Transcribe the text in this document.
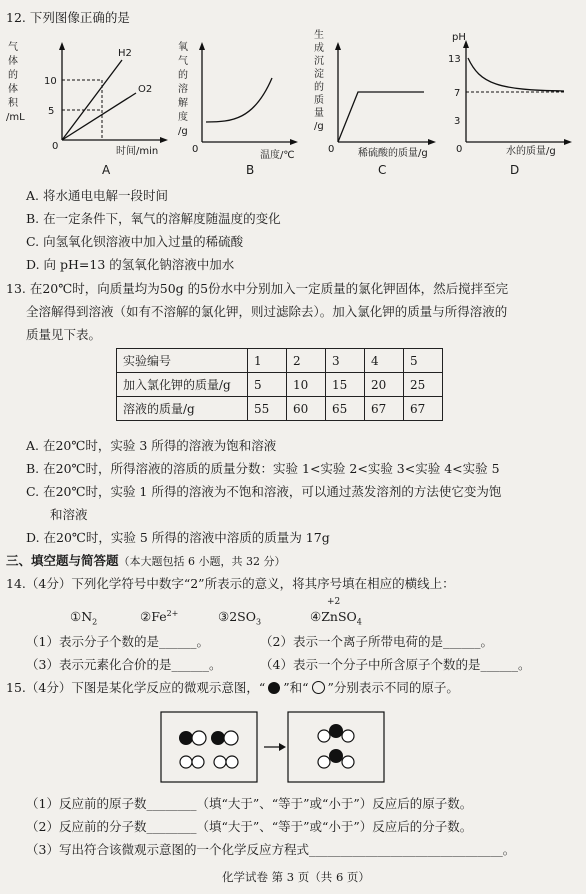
12. 下列图像正确的是
气
体
的
体
积
/mL
10
5
0
H2
O2
时间/min
A
氧
气
的
溶
解
度
/g
0
温度/℃
B
生
成
沉
淀
的
质
量
/g
0 稀硫酸的质量/g
C
pH
13
7
3
0	水的质量/g
D
A. 将水通电电解一段时间
B. 在一定条件下，氧气的溶解度随温度的变化
C. 向氢氧化钡溶液中加入过量的稀硫酸
D. 向 pH=13 的氢氧化钠溶液中加水
13. 在20℃时，向质量均为50g 的5份水中分别加入一定质量的氯化钾固体，然后搅拌至完
全溶解得到溶液（如有不溶解的氯化钾，则过滤除去）。加入氯化钾的质量与所得溶液的
质量见下表。
实验编号	1	2	3	4	5
加入氯化钾的质量/g	5	10	15	20	25
溶液的质量/g	55	60	65	67	67
A. 在20℃时，实验 3 所得的溶液为饱和溶液
B. 在20℃时，所得溶液的溶质的质量分数：实验 1<实验 2<实验 3<实验 4<实验 5
C. 在20℃时，实验 1 所得的溶液为不饱和溶液，可以通过蒸发溶剂的方法使它变为饱
和溶液
D. 在20℃时，实验 5 所得的溶液中溶质的质量为 17g
三、填空题与简答题（本大题包括 6 小题，共 32 分）
14.（4分）下列化学符号中数字“2”所表示的意义，将其序号填在相应的横线上：
$①N_2$	$②Fe^{2+}$	$③2SO_3$
+2
④ZnSO$_4$
（1）表示分子个数的是______。	（2）表示一个离子所带电荷的是______。
（3）表示元素化合价的是______。	（4）表示一个分子中所含原子个数的是______。
15.（4分）下图是某化学反应的微观示意图，“ ”和“ ”分别表示不同的原子。
（1）反应前的原子数________（填“大于”、“等于”或“小于”）反应后的原子数。
（2）反应前的分子数________（填“大于”、“等于”或“小于”）反应后的分子数。
（3）写出符合该微观示意图的一个化学反应方程式_______________________________。
化学试卷 第 3 页（共 6 页）
